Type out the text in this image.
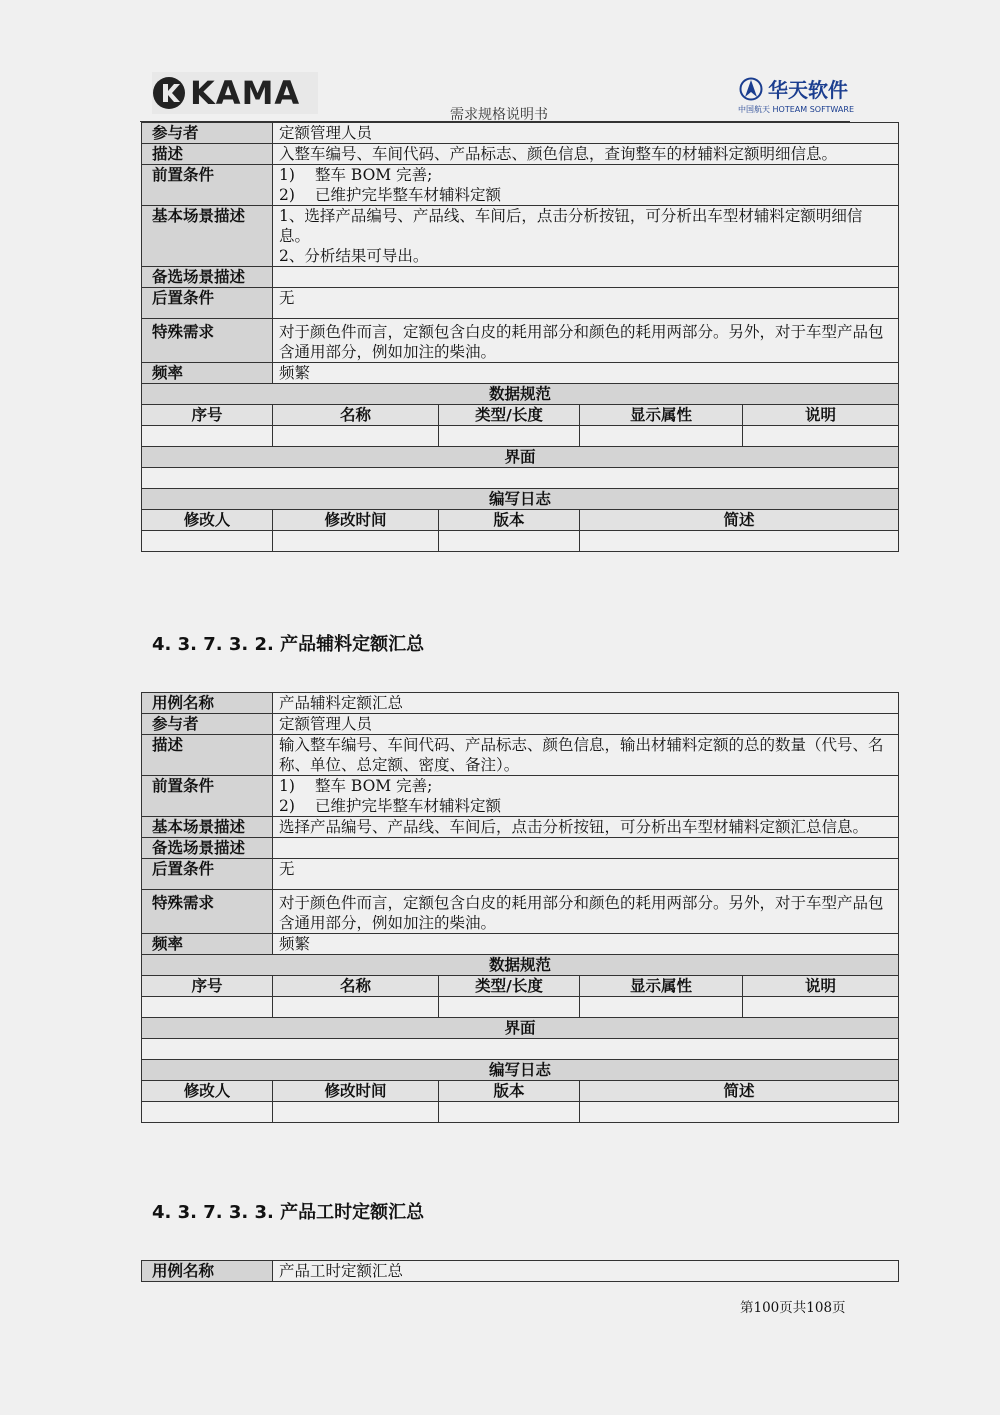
KAMA
需求规格说明书
华天软件
中国航天 HOTEAM SOFTWARE
参与者	定额管理人员			
描述	入整车编号、车间代码、产品标志、颜色信息，查询整车的材辅料定额明细信息。			
前置条件	1) 整车 BOM 完善;
2) 已维护完毕整车材辅料定额			

基本场景描述	1、选择产品编号、产品线、车间后，点击分析按钮，可分析出车型材辅料定额明细信息。
2、分析结果可导出。			

备选场景描述				
后置条件	无			
特殊需求	对于颜色件而言，定额包含白皮的耗用部分和颜色的耗用两部分。另外，对于车型产品包含通用部分，例如加注的柴油。			
频率	频繁			
数据规范				
序号	名称	类型/长度	显示属性	说明

界面				

编写日志				
修改人	修改时间	版本	简述	

4. 3. 7. 3. 2. 产品辅料定额汇总
用例名称	产品辅料定额汇总			
参与者	定额管理人员			
描述	输入整车编号、车间代码、产品标志、颜色信息，输出材辅料定额的总的数量（代号、名称、单位、总定额、密度、备注）。			
前置条件	1) 整车 BOM 完善;
2) 已维护完毕整车材辅料定额			

基本场景描述	选择产品编号、产品线、车间后，点击分析按钮，可分析出车型材辅料定额汇总信息。			
备选场景描述				
后置条件	无			
特殊需求	对于颜色件而言，定额包含白皮的耗用部分和颜色的耗用两部分。另外，对于车型产品包含通用部分，例如加注的柴油。			
频率	频繁			
数据规范				
序号	名称	类型/长度	显示属性	说明

界面				

编写日志				
修改人	修改时间	版本	简述	

4. 3. 7. 3. 3. 产品工时定额汇总
用例名称	产品工时定额汇总
第100页共108页
